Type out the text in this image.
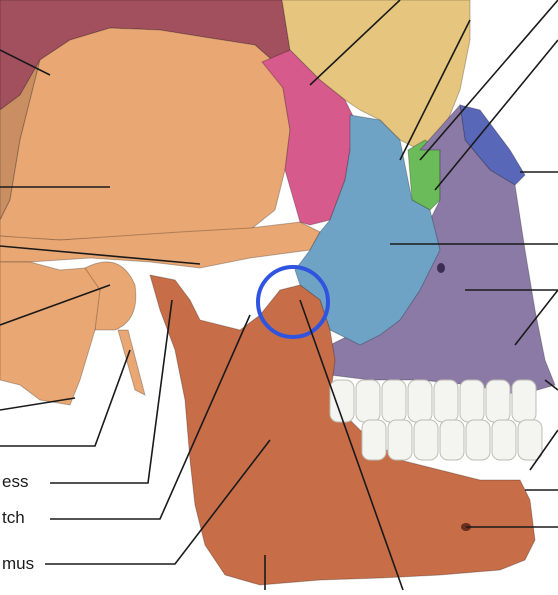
ess
tch
mus
